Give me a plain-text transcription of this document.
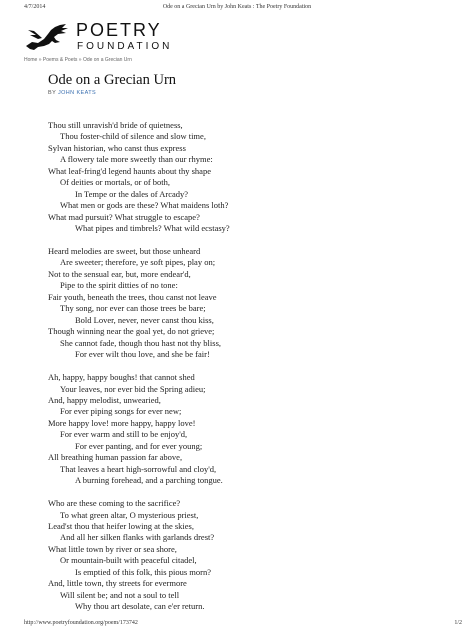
4/7/2014	Ode on a Grecian Urn by John Keats : The Poetry Foundation
POETRY
FOUNDATION
Home » Poems & Poets » Ode on a Grecian Urn
Ode on a Grecian Urn
BY JOHN KEATS
Thou still unravish'd bride of quietness,
Thou foster-child of silence and slow time,
Sylvan historian, who canst thus express
A flowery tale more sweetly than our rhyme:
What leaf-fring'd legend haunts about thy shape
Of deities or mortals, or of both,
In Tempe or the dales of Arcady?
What men or gods are these? What maidens loth?
What mad pursuit? What struggle to escape?
What pipes and timbrels? What wild ecstasy?
Heard melodies are sweet, but those unheard
Are sweeter; therefore, ye soft pipes, play on;
Not to the sensual ear, but, more endear'd,
Pipe to the spirit ditties of no tone:
Fair youth, beneath the trees, thou canst not leave
Thy song, nor ever can those trees be bare;
Bold Lover, never, never canst thou kiss,
Though winning near the goal yet, do not grieve;
She cannot fade, though thou hast not thy bliss,
For ever wilt thou love, and she be fair!
Ah, happy, happy boughs! that cannot shed
Your leaves, nor ever bid the Spring adieu;
And, happy melodist, unwearied,
For ever piping songs for ever new;
More happy love! more happy, happy love!
For ever warm and still to be enjoy'd,
For ever panting, and for ever young;
All breathing human passion far above,
That leaves a heart high-sorrowful and cloy'd,
A burning forehead, and a parching tongue.
Who are these coming to the sacrifice?
To what green altar, O mysterious priest,
Lead'st thou that heifer lowing at the skies,
And all her silken flanks with garlands drest?
What little town by river or sea shore,
Or mountain-built with peaceful citadel,
Is emptied of this folk, this pious morn?
And, little town, thy streets for evermore
Will silent be; and not a soul to tell
Why thou art desolate, can e'er return.
http://www.poetryfoundation.org/poem/173742	1/2
